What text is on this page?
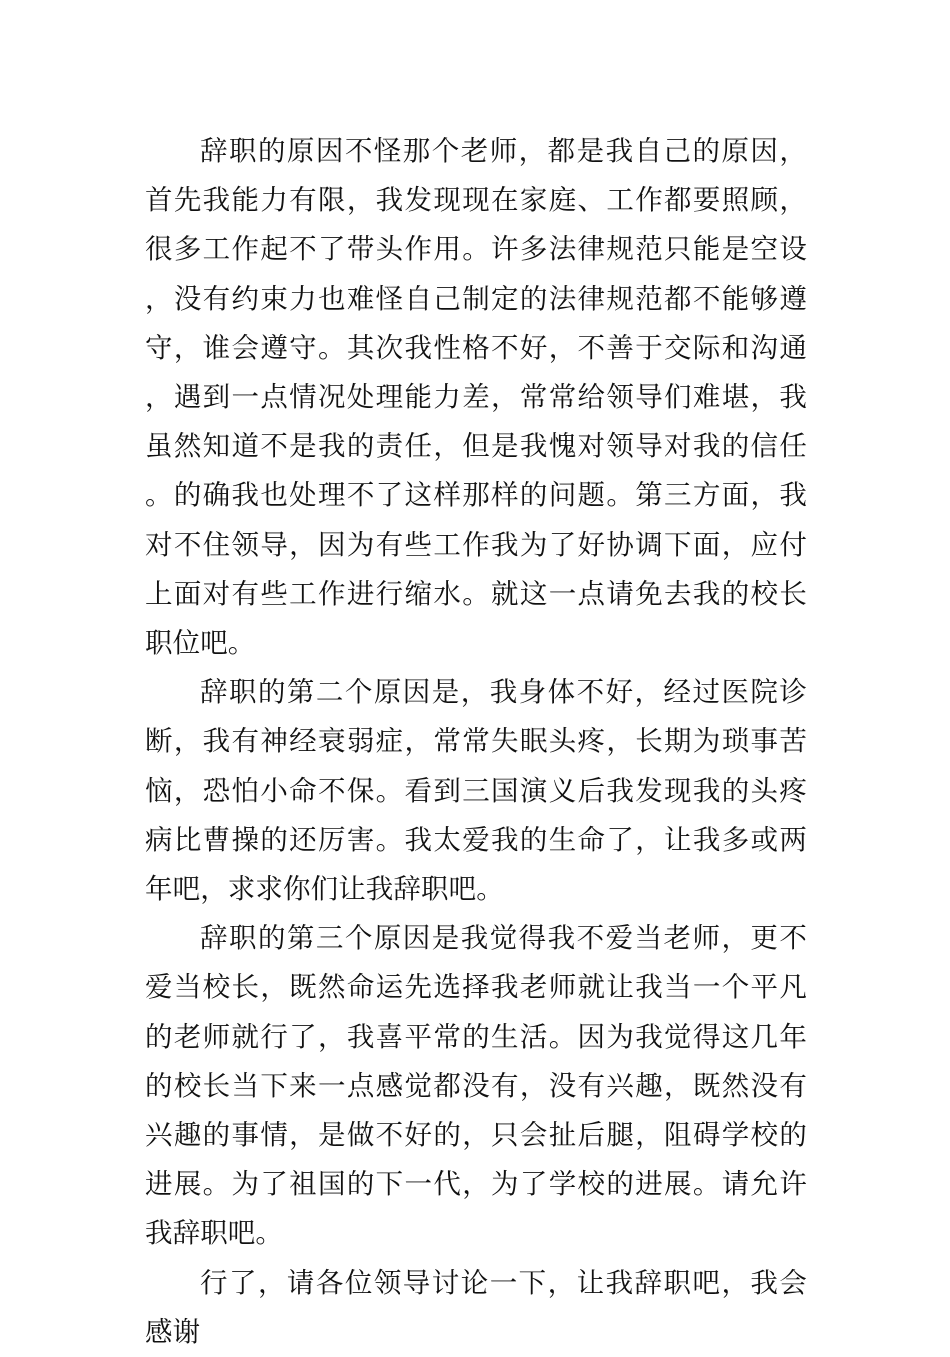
辞职的原因不怪那个老师，都是我自己的原因，首先我能力有限，我发现现在家庭、工作都要照顾，很多工作起不了带头作用。许多法律规范只能是空设，没有约束力也难怪自己制定的法律规范都不能够遵守，谁会遵守。其次我性格不好，不善于交际和沟通，遇到一点情况处理能力差，常常给领导们难堪，我虽然知道不是我的责任，但是我愧对领导对我的信任。的确我也处理不了这样那样的问题。第三方面，我对不住领导，因为有些工作我为了好协调下面，应付上面对有些工作进行缩水。就这一点请免去我的校长职位吧。

辞职的第二个原因是，我身体不好，经过医院诊断，我有神经衰弱症，常常失眠头疼，长期为琐事苦恼，恐怕小命不保。看到三国演义后我发现我的头疼病比曹操的还厉害。我太爱我的生命了，让我多或两年吧，求求你们让我辞职吧。

辞职的第三个原因是我觉得我不爱当老师，更不爱当校长，既然命运先选择我老师就让我当一个平凡的老师就行了，我喜平常的生活。因为我觉得这几年的校长当下来一点感觉都没有，没有兴趣，既然没有兴趣的事情，是做不好的，只会扯后腿，阻碍学校的进展。为了祖国的下一代，为了学校的进展。请允许我辞职吧。

行了，请各位领导讨论一下，让我辞职吧，我会感谢
